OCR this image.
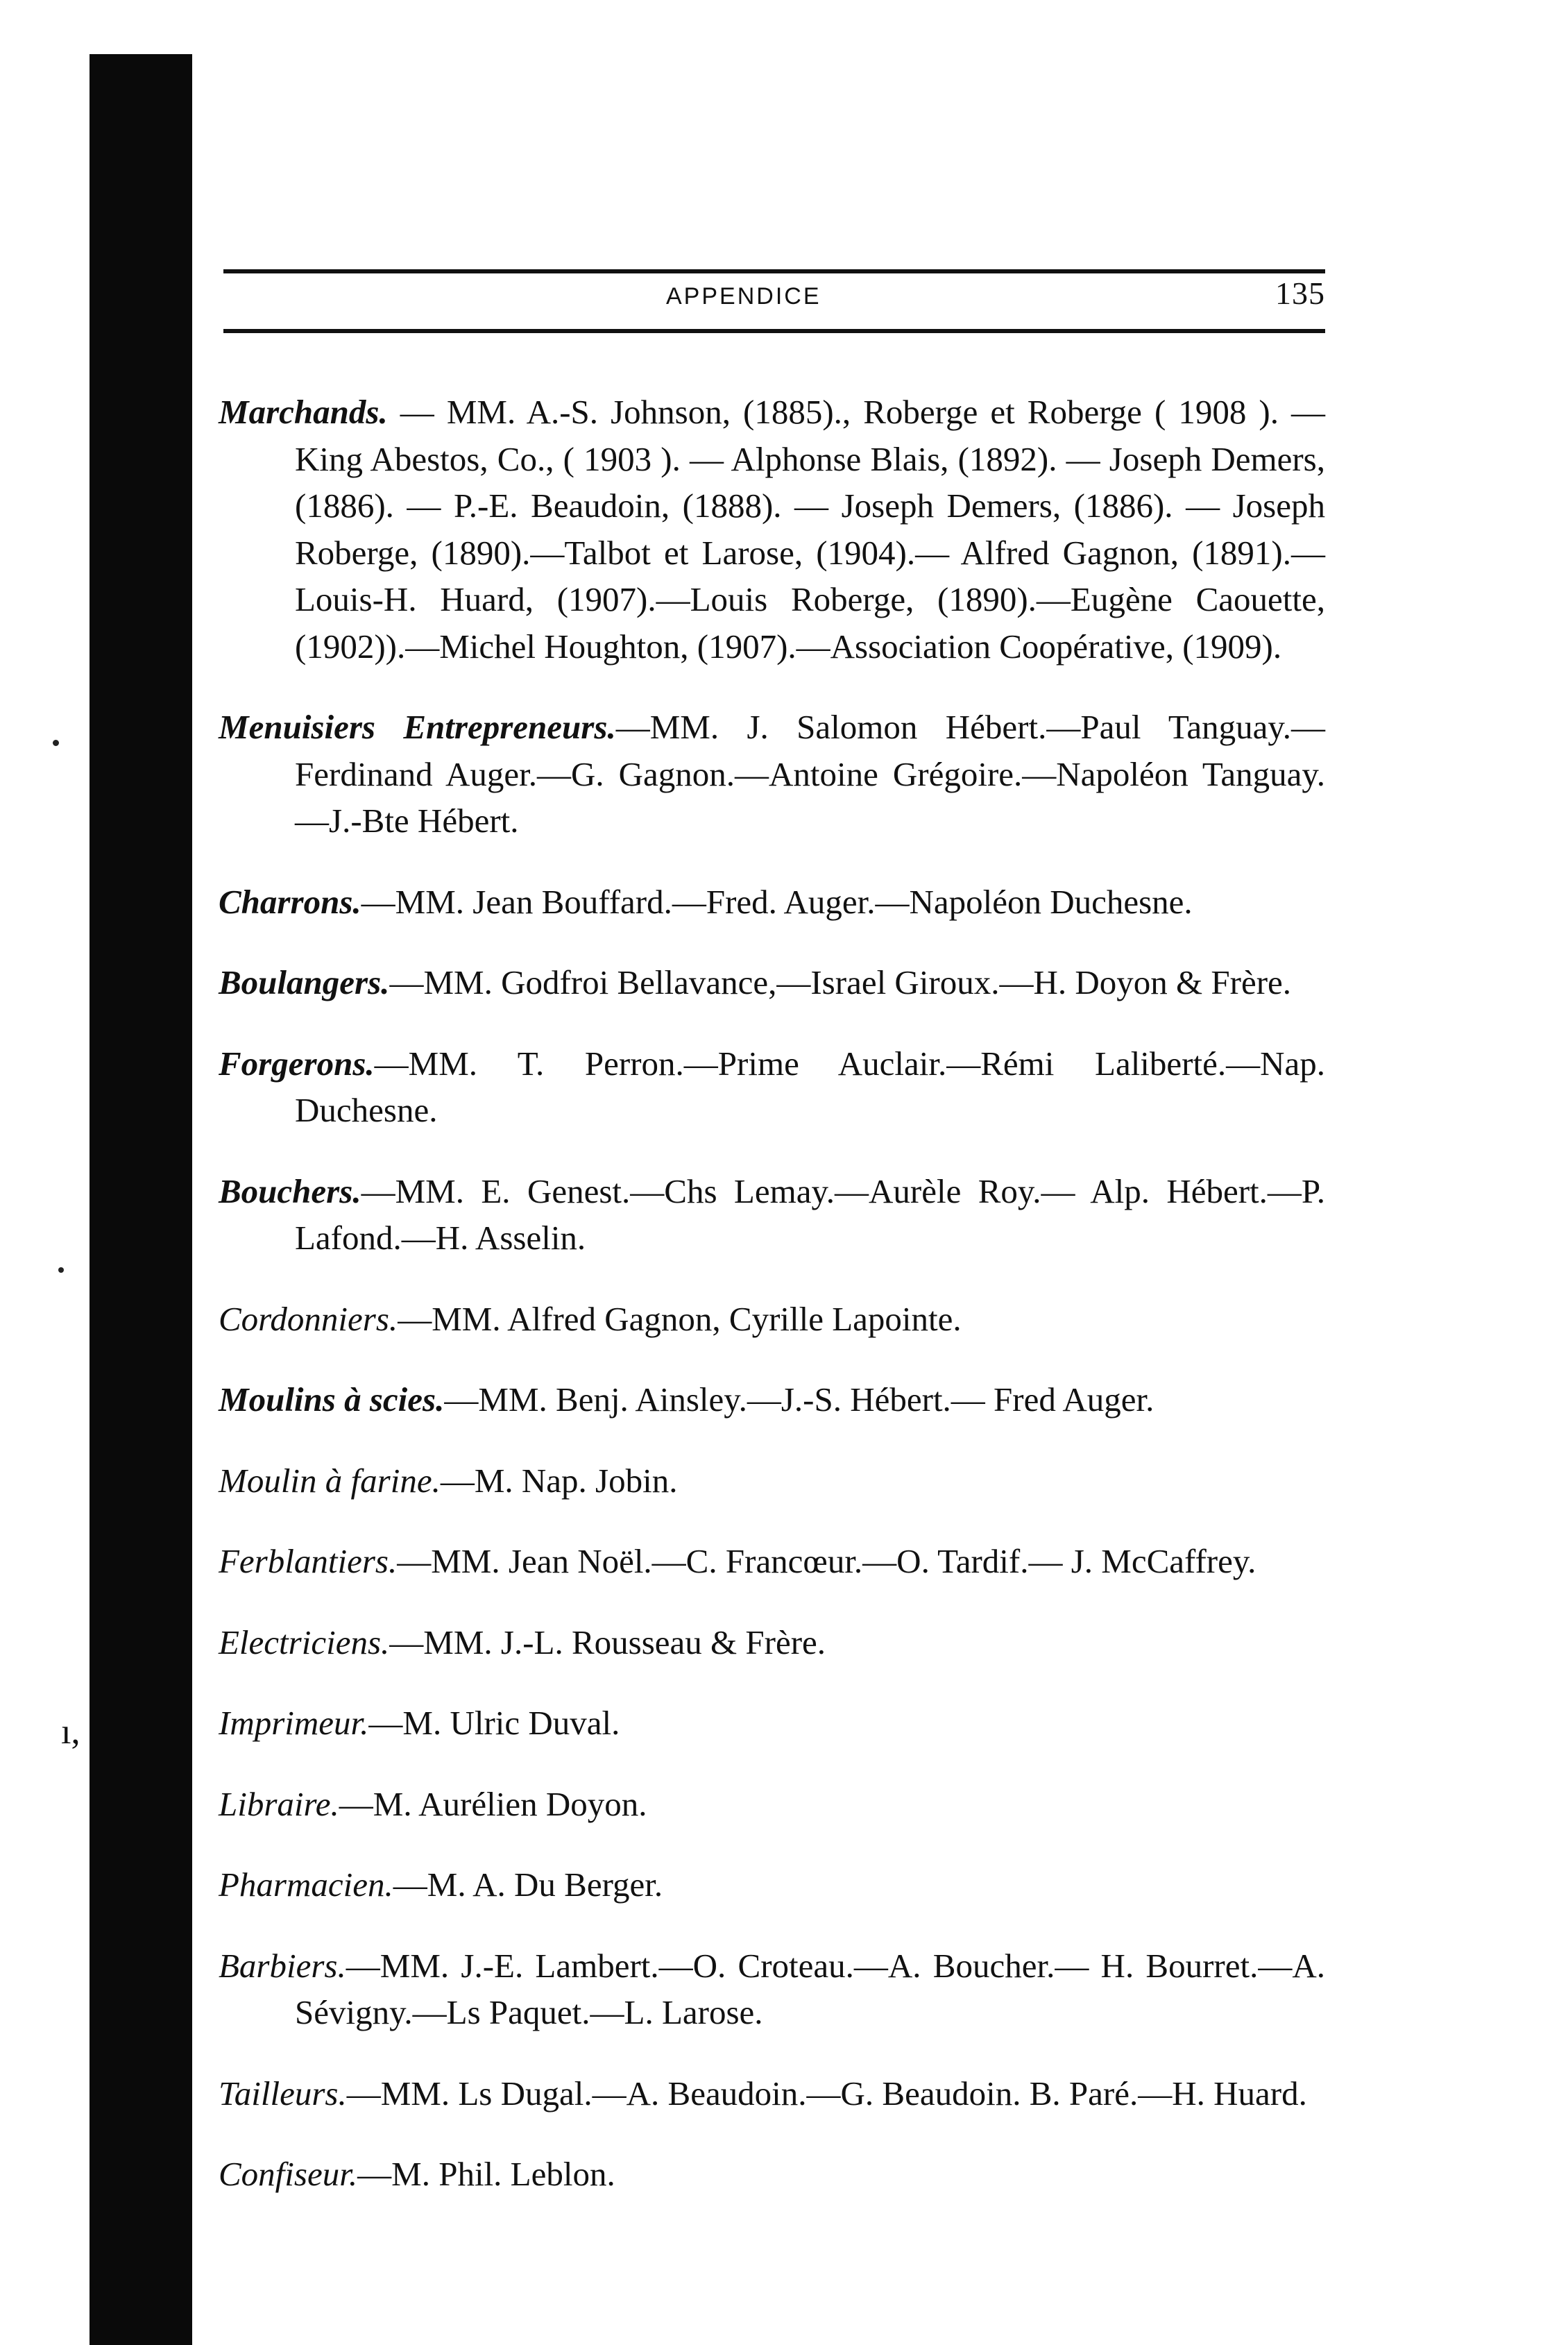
ı,
APPENDICE	135

Marchands. — MM. A.-S. Johnson, (1885)., Roberge et Roberge ( 1908 ). — King Abestos, Co., ( 1903 ). — Alphonse Blais, (1892). — Joseph Demers, (1886). — P.-E. Beaudoin, (1888). — Joseph Demers, (1886). — Joseph Roberge, (1890).—Talbot et Larose, (1904).— Alfred Gagnon, (1891).—Louis-H. Huard, (1907).—Louis Roberge, (1890).—Eugène Caouette, (1902)).—Michel Houghton, (1907).—Association Coopérative, (1909).

Menuisiers Entrepreneurs.—MM. J. Salomon Hébert.—Paul Tanguay.—Ferdinand Auger.—G. Gagnon.—Antoine Grégoire.—Napoléon Tanguay.—J.-Bte Hébert.

Charrons.—MM. Jean Bouffard.—Fred. Auger.—Napoléon Duchesne.

Boulangers.—MM. Godfroi Bellavance,—Israel Giroux.—H. Doyon & Frère.

Forgerons.—MM. T. Perron.—Prime Auclair.—Rémi Laliberté.—Nap. Duchesne.

Bouchers.—MM. E. Genest.—Chs Lemay.—Aurèle Roy.— Alp. Hébert.—P. Lafond.—H. Asselin.

Cordonniers.—MM. Alfred Gagnon, Cyrille Lapointe.

Moulins à scies.—MM. Benj. Ainsley.—J.-S. Hébert.— Fred Auger.

Moulin à farine.—M. Nap. Jobin.

Ferblantiers.—MM. Jean Noël.—C. Francœur.—O. Tardif.— J. McCaffrey.

Electriciens.—MM. J.-L. Rousseau & Frère.

Imprimeur.—M. Ulric Duval.

Libraire.—M. Aurélien Doyon.

Pharmacien.—M. A. Du Berger.

Barbiers.—MM. J.-E. Lambert.—O. Croteau.—A. Boucher.— H. Bourret.—A. Sévigny.—Ls Paquet.—L. Larose.

Tailleurs.—MM. Ls Dugal.—A. Beaudoin.—G. Beaudoin. B. Paré.—H. Huard.

Confiseur.—M. Phil. Leblon.
